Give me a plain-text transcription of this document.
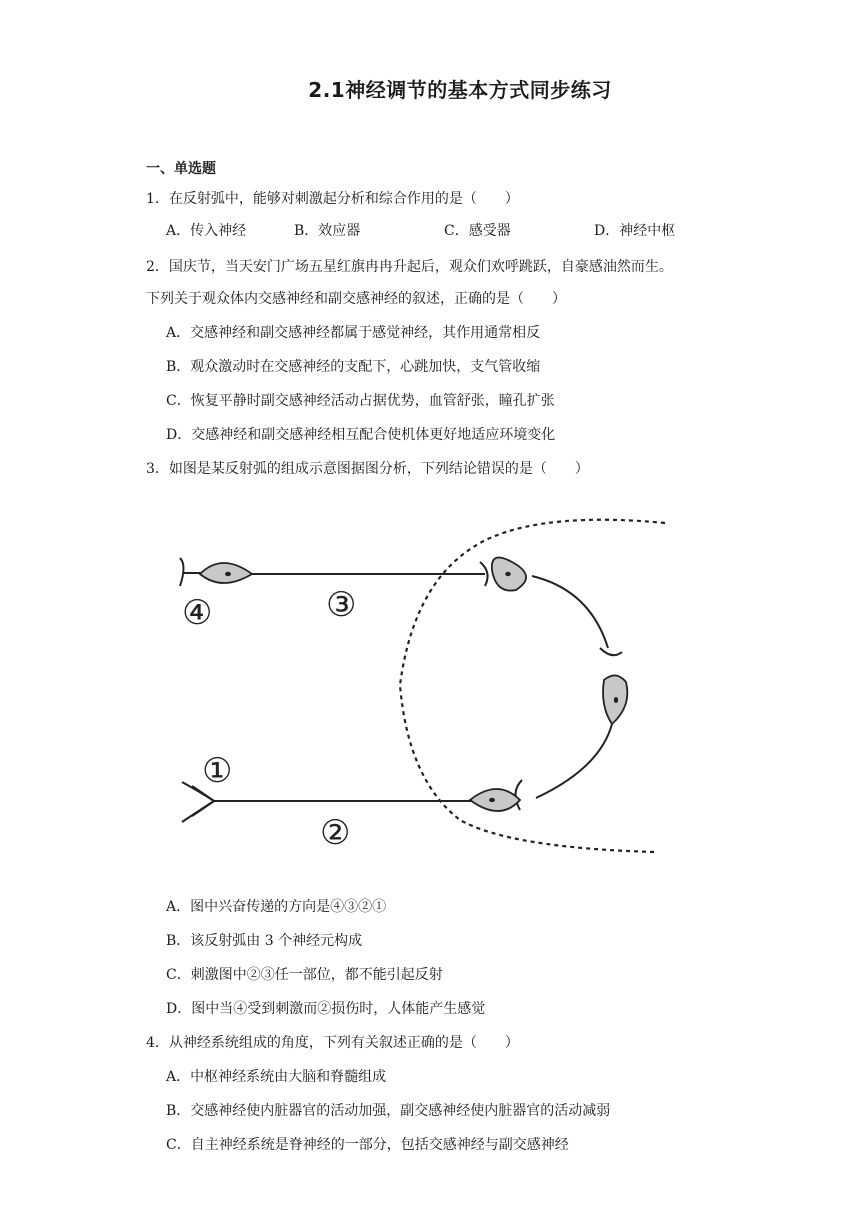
2.1神经调节的基本方式同步练习
一、单选题
1．在反射弧中，能够对刺激起分析和综合作用的是（　　）
A．传入神经	B．效应器	C．感受器	D．神经中枢
2．国庆节，当天安门广场五星红旗冉冉升起后，观众们欢呼跳跃，自豪感油然而生。
下列关于观众体内交感神经和副交感神经的叙述，正确的是（　　）
A．交感神经和副交感神经都属于感觉神经，其作用通常相反
B．观众激动时在交感神经的支配下，心跳加快，支气管收缩
C．恢复平静时副交感神经活动占据优势，血管舒张，瞳孔扩张
D．交感神经和副交感神经相互配合使机体更好地适应环境变化
3．如图是某反射弧的组成示意图据图分析，下列结论错误的是（　　）
④	③
①
②
A．图中兴奋传递的方向是④③②①
B．该反射弧由 3 个神经元构成
C．刺激图中②③任一部位，都不能引起反射
D．图中当④受到刺激而②损伤时，人体能产生感觉
4．从神经系统组成的角度，下列有关叙述正确的是（　　）
A．中枢神经系统由大脑和脊髓组成
B．交感神经使内脏器官的活动加强，副交感神经使内脏器官的活动减弱
C．自主神经系统是脊神经的一部分，包括交感神经与副交感神经
